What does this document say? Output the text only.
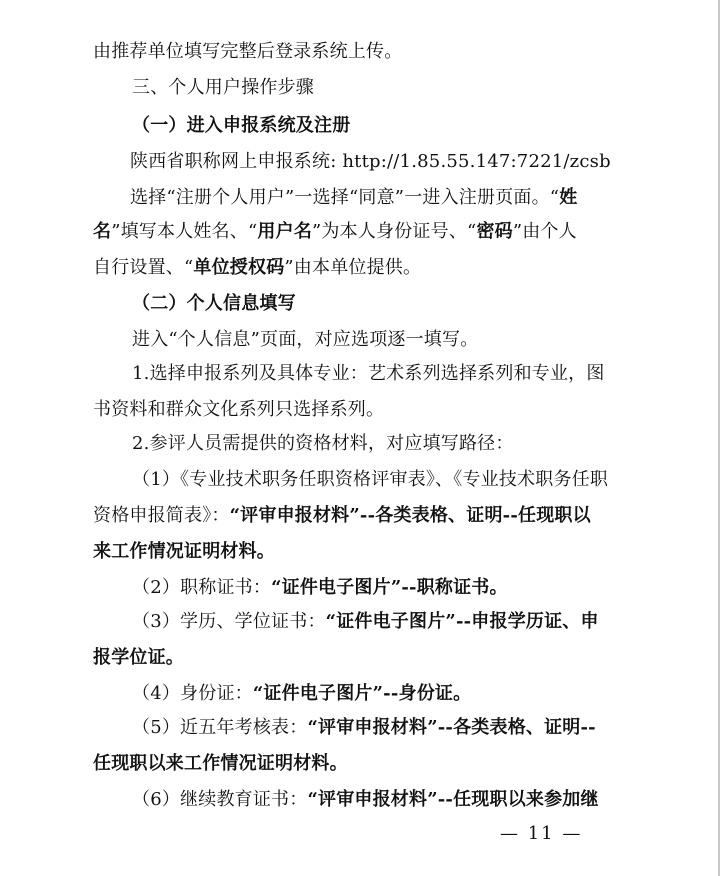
由推荐单位填写完整后登录系统上传。
三、个人用户操作步骤
（一）进入申报系统及注册
陕西省职称网上申报系统: http://1.85.55.147:7221/zcsb
选择“注册个人用户”一选择“同意”一进入注册页面。“姓
名”填写本人姓名、“用户名”为本人身份证号、“密码”由个人
自行设置、“单位授权码”由本单位提供。
（二）个人信息填写
进入“个人信息”页面，对应选项逐一填写。
1.选择申报系列及具体专业：艺术系列选择系列和专业，图
书资料和群众文化系列只选择系列。
2.参评人员需提供的资格材料，对应填写路径：
（1）《专业技术职务任职资格评审表》、《专业技术职务任职
资格申报简表》：“评审申报材料”--各类表格、证明--任现职以
来工作情况证明材料。
（2）职称证书：“证件电子图片”--职称证书。
（3）学历、学位证书：“证件电子图片”--申报学历证、申
报学位证。
（4）身份证：“证件电子图片”--身份证。
（5）近五年考核表：“评审申报材料”--各类表格、证明--
任现职以来工作情况证明材料。
（6）继续教育证书：“评审申报材料”--任现职以来参加继
— 11 —
